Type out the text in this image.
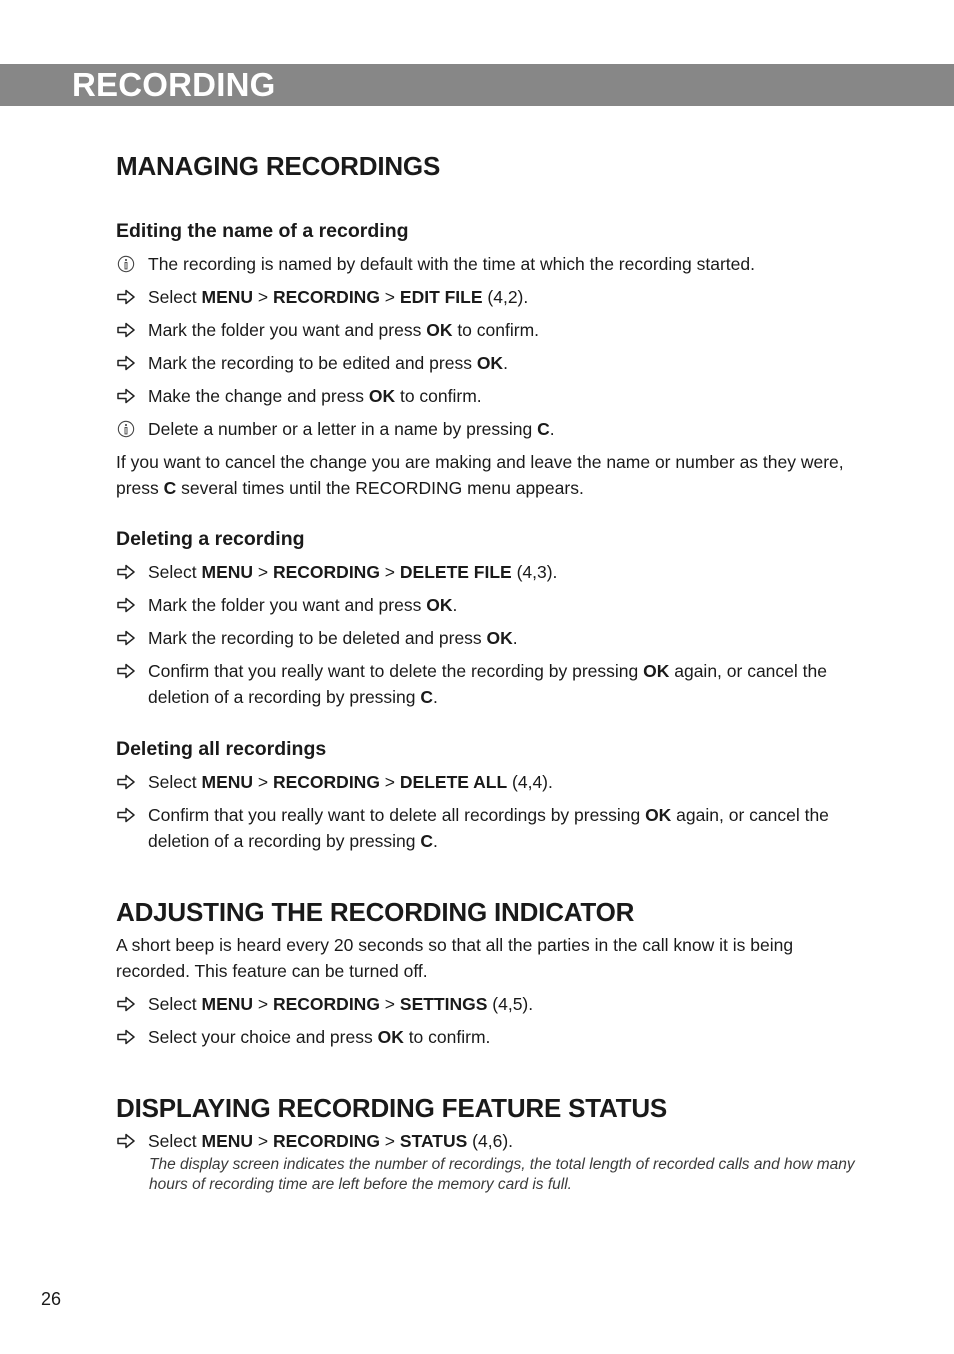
RECORDING
MANAGING RECORDINGS
Editing the name of a recording
The recording is named by default with the time at which the recording started.
Select MENU > RECORDING > EDIT FILE (4,2).
Mark the folder you want and press OK to confirm.
Mark the recording to be edited and press OK.
Make the change and press OK to confirm.
Delete a number or a letter in a name by pressing C.
If you want to cancel the change you are making and leave the name or number as they were, press C several times until the RECORDING menu appears.
Deleting a recording
Select MENU > RECORDING > DELETE FILE (4,3).
Mark the folder you want and press OK.
Mark the recording to be deleted and press OK.
Confirm that you really want to delete the recording by pressing OK again, or cancel the deletion of a recording by pressing C.
Deleting all recordings
Select MENU > RECORDING > DELETE ALL (4,4).
Confirm that you really want to delete all recordings by pressing OK again, or cancel the deletion of a recording by pressing C.
ADJUSTING THE RECORDING INDICATOR
A short beep is heard every 20 seconds so that all the parties in the call know it is being recorded. This feature can be turned off.
Select MENU > RECORDING > SETTINGS (4,5).
Select your choice and press OK to confirm.
DISPLAYING RECORDING FEATURE STATUS
Select MENU > RECORDING > STATUS (4,6).
The display screen indicates the number of recordings, the total length of recorded calls and how many hours of recording time are left before the memory card is full.
26
